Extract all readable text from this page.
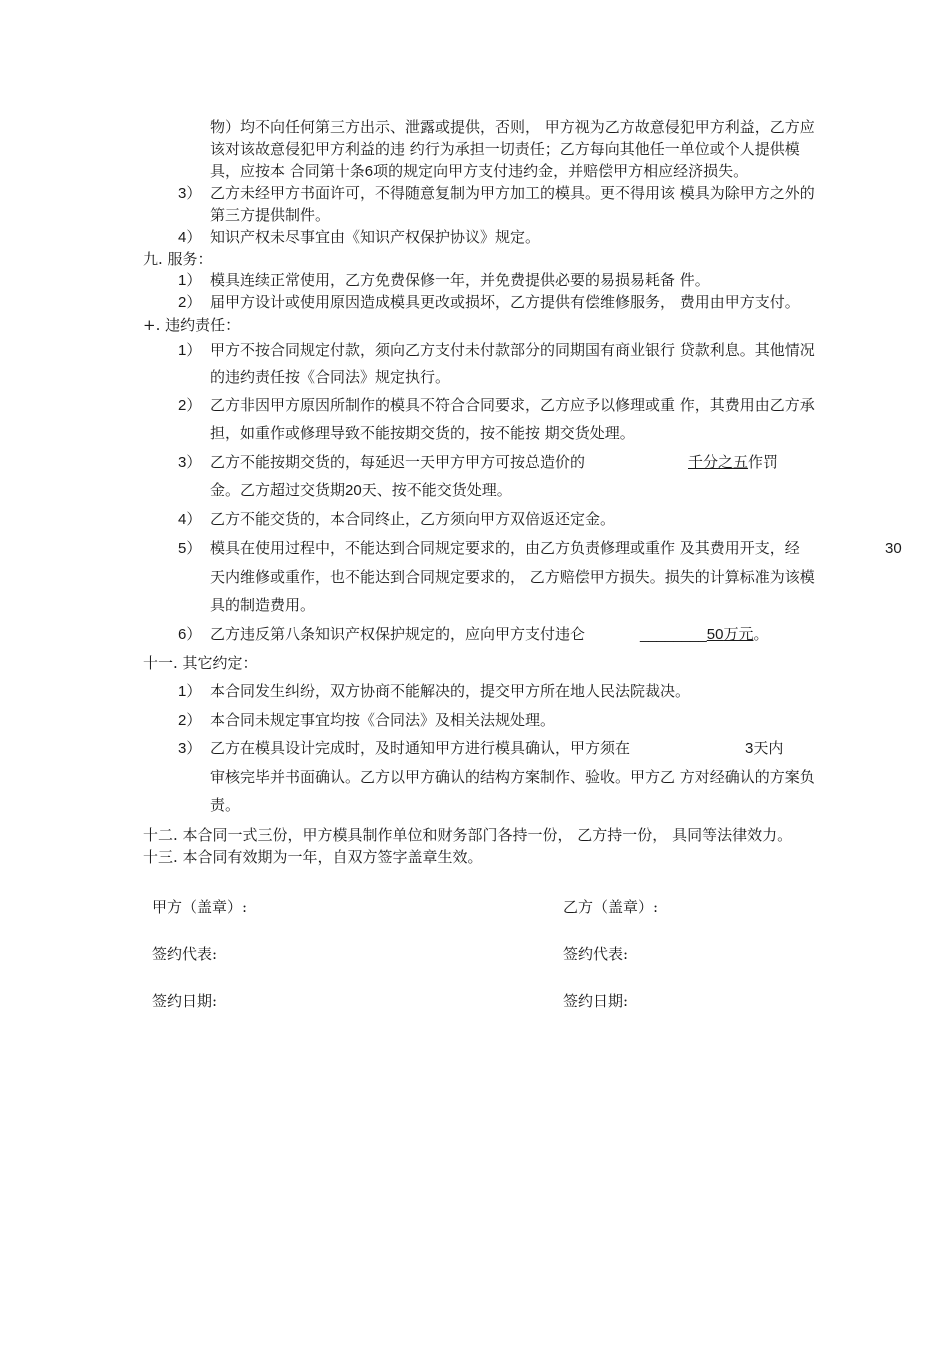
物）均不向任何第三方出示、泄露或提供，否则， 甲方视为乙方故意侵犯甲方利益，乙方应
该对该故意侵犯甲方利益的违 约行为承担一切责任；乙方每向其他任一单位或个人提供模
具，应按本 合同第十条6项的规定向甲方支付违约金，并赔偿甲方相应经济损失。
3） 乙方未经甲方书面许可，不得随意复制为甲方加工的模具。更不得用该 模具为除甲方之外的
第三方提供制件。
4） 知识产权未尽事宜由《知识产权保护协议》规定。
九. 服务：
1） 模具连续正常使用，乙方免费保修一年，并免费提供必要的易损易耗备 件。
2） 届甲方设计或使用原因造成模具更改或损坏，乙方提供有偿维修服务， 费用由甲方支付。
+. 违约责任：
1） 甲方不按合同规定付款，须向乙方支付未付款部分的同期国有商业银行 贷款利息。其他情况
的违约责任按《合同法》规定执行。
2） 乙方非因甲方原因所制作的模具不符合合同要求，乙方应予以修理或重 作，其费用由乙方承
担，如重作或修理导致不能按期交货的，按不能按 期交货处理。
3） 乙方不能按期交货的，每延迟一天甲方甲方可按总造价的	千分之五作罚
金。乙方超过交货期20天、按不能交货处理。
4） 乙方不能交货的，本合同终止，乙方须向甲方双倍返还定金。
5） 模具在使用过程中，不能达到合同规定要求的，由乙方负责修理或重作 及其费用开支，经	30
天内维修或重作，也不能达到合同规定要求的， 乙方赔偿甲方损失。损失的计算标准为该模
具的制造费用。
6） 乙方违反第八条知识产权保护规定的，应向甲方支付违仑	________50万元。
十一. 其它约定：
1） 本合同发生纠纷，双方协商不能解决的，提交甲方所在地人民法院裁决。
2） 本合同未规定事宜均按《合同法》及相关法规处理。
3） 乙方在模具设计完成时，及时通知甲方进行模具确认，甲方须在	3天内
审核完毕并书面确认。乙方以甲方确认的结构方案制作、验收。甲方乙 方对经确认的方案负
责。
十二. 本合同一式三份，甲方模具制作单位和财务部门各持一份， 乙方持一份， 具同等法律效力。
十三. 本合同有效期为一年，自双方签字盖章生效。
甲方（盖章）:	乙方（盖章）:
签约代表:	签约代表:
签约日期:	签约日期:
